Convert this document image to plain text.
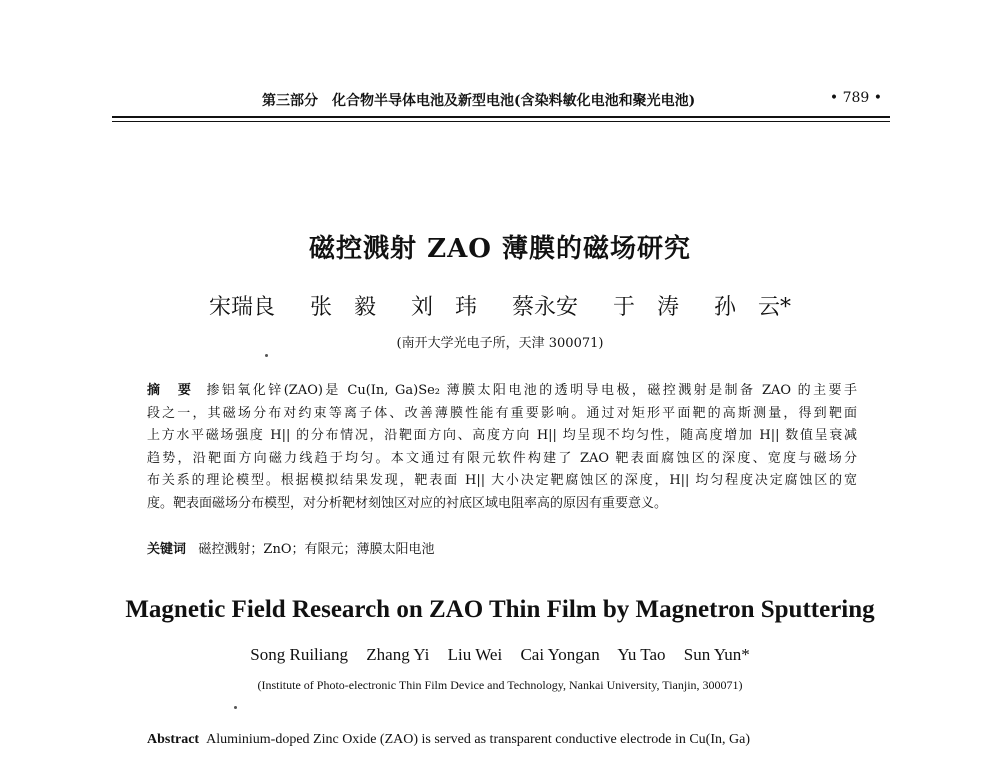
第三部分　化合物半导体电池及新型电池(含染料敏化电池和聚光电池)	• 789 •
磁控溅射 ZAO 薄膜的磁场研究
宋瑞良 张　毅 刘　玮 蔡永安 于　涛 孙　云*
(南开大学光电子所，天津 300071)
摘　要 掺铝氧化锌(ZAO)是 Cu(In, Ga)Se₂ 薄膜太阳电池的透明导电极，磁控溅射是制备 ZAO 的主要手
段之一，其磁场分布对约束等离子体、改善薄膜性能有重要影响。通过对矩形平面靶的高斯测量，得到靶面
上方水平磁场强度 H|| 的分布情况，沿靶面方向、高度方向 H|| 均呈现不均匀性，随高度增加 H|| 数值呈衰减
趋势，沿靶面方向磁力线趋于均匀。本文通过有限元软件构建了 ZAO 靶表面腐蚀区的深度、宽度与磁场分
布关系的理论模型。根据模拟结果发现，靶表面 H|| 大小决定靶腐蚀区的深度，H|| 均匀程度决定腐蚀区的宽
度。靶表面磁场分布模型，对分析靶材刻蚀区对应的衬底区域电阻率高的原因有重要意义。
关键词 磁控溅射；ZnO；有限元；薄膜太阳电池
Magnetic Field Research on ZAO Thin Film by Magnetron Sputtering
Song Ruiliang Zhang Yi Liu Wei Cai Yongan Yu Tao Sun Yun*
(Institute of Photo-electronic Thin Film Device and Technology, Nankai University, Tianjin, 300071)
Abstract Aluminium-doped Zinc Oxide (ZAO) is served as transparent conductive electrode in Cu(In, Ga)
